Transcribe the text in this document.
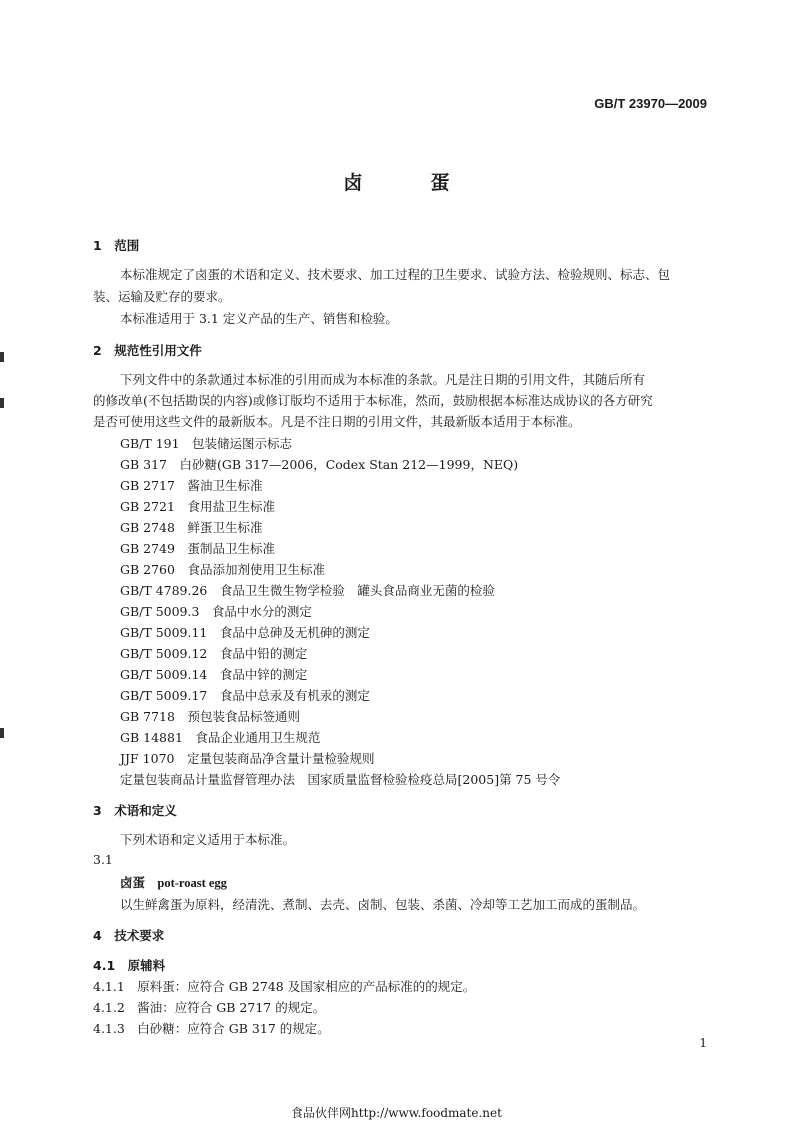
GB/T 23970—2009
卤蛋
1　范围
本标准规定了卤蛋的术语和定义、技术要求、加工过程的卫生要求、试验方法、检验规则、标志、包
装、运输及贮存的要求。
本标准适用于 3.1 定义产品的生产、销售和检验。
2　规范性引用文件
下列文件中的条款通过本标准的引用而成为本标准的条款。凡是注日期的引用文件，其随后所有
的修改单(不包括勘误的内容)或修订版均不适用于本标准，然而，鼓励根据本标准达成协议的各方研究
是否可使用这些文件的最新版本。凡是不注日期的引用文件，其最新版本适用于本标准。
GB/T 191　包装储运图示标志
GB 317　白砂糖(GB 317—2006，Codex Stan 212—1999，NEQ)
GB 2717　酱油卫生标准
GB 2721　食用盐卫生标准
GB 2748　鲜蛋卫生标准
GB 2749　蛋制品卫生标准
GB 2760　食品添加剂使用卫生标准
GB/T 4789.26　食品卫生微生物学检验　罐头食品商业无菌的检验
GB/T 5009.3　食品中水分的测定
GB/T 5009.11　食品中总砷及无机砷的测定
GB/T 5009.12　食品中铅的测定
GB/T 5009.14　食品中锌的测定
GB/T 5009.17　食品中总汞及有机汞的测定
GB 7718　预包装食品标签通则
GB 14881　食品企业通用卫生规范
JJF 1070　定量包装商品净含量计量检验规则
定量包装商品计量监督管理办法　国家质量监督检验检疫总局[2005]第 75 号令
3　术语和定义
下列术语和定义适用于本标准。
3.1
卤蛋 pot-roast egg
以生鲜禽蛋为原料，经清洗、煮制、去壳、卤制、包装、杀菌、冷却等工艺加工而成的蛋制品。
4　技术要求
4.1　原辅料
4.1.1　原料蛋：应符合 GB 2748 及国家相应的产品标准的的规定。
4.1.2　酱油：应符合 GB 2717 的规定。
4.1.3　白砂糖：应符合 GB 317 的规定。
1
食品伙伴网http://www.foodmate.net
